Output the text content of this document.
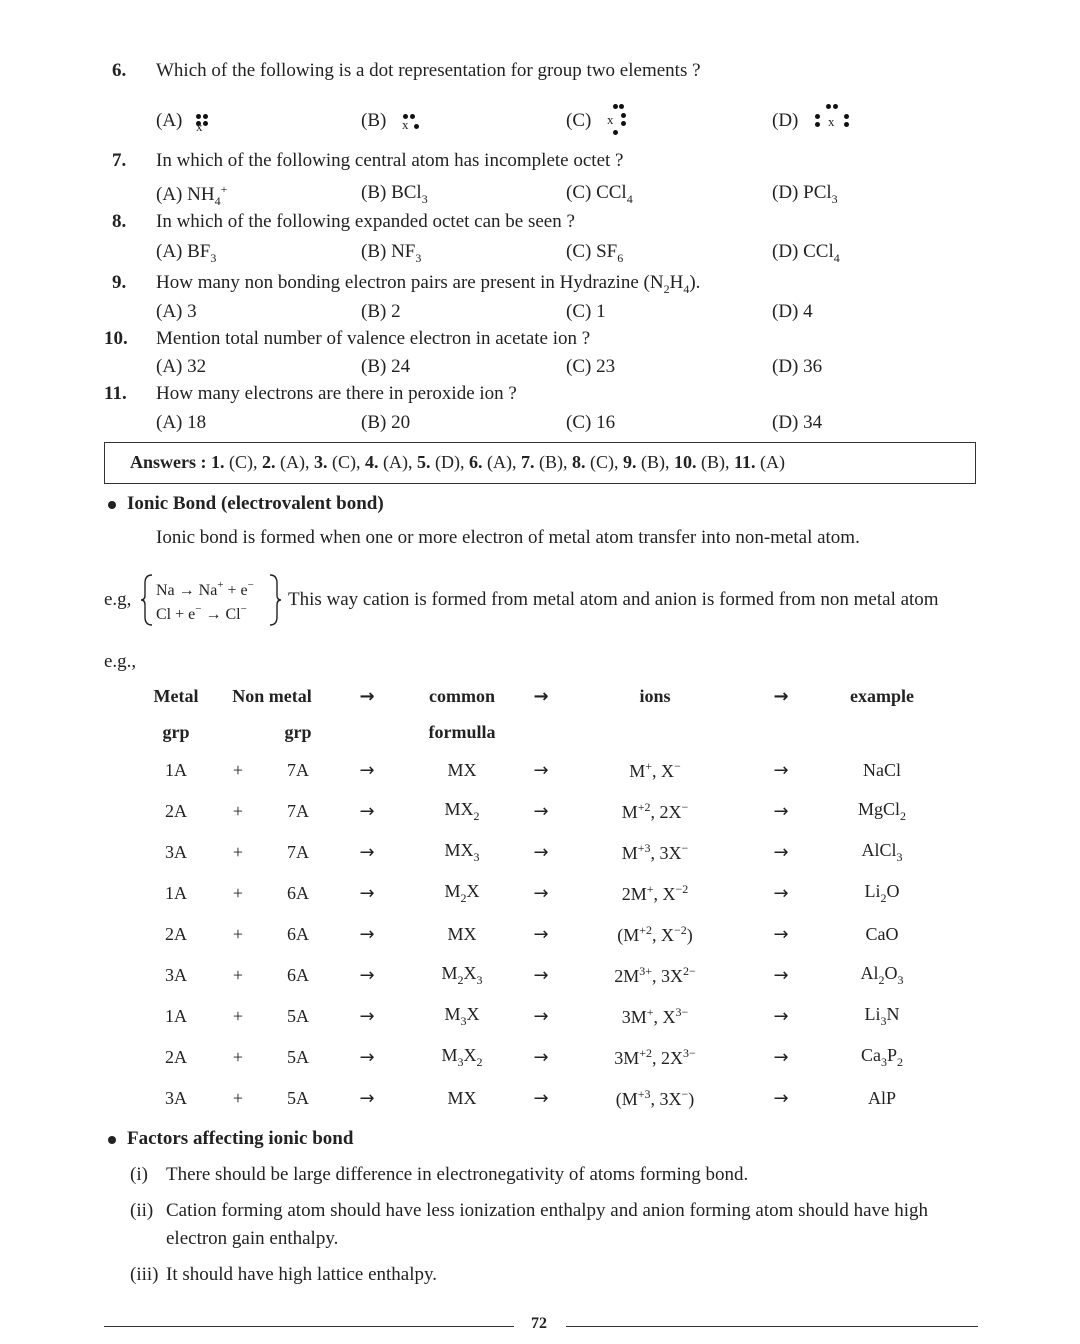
6. Which of the following is a dot representation for group two elements ?
(A) x	(B) x	(C) x	(D) x
7. In which of the following central atom has incomplete octet ?
(A) $NH_4^+$	(B) BCl$_3$	(C) CCl$_4$	(D) PCl$_3$
8. In which of the following expanded octet can be seen ?
(A) $BF_3$	(B) $NF_3$	(C) $SF_6$	(D) CCl$_4$
9. How many non bonding electron pairs are present in Hydrazine $(N_2H_4)$.
(A) 3	(B) 2	(C) 1	(D) 4
10. Mention total number of valence electron in acetate ion ?
(A) 32	(B) 24	(C) 23	(D) 36
11. How many electrons are there in peroxide ion ?
(A) 18	(B) 20	(C) 16	(D) 34
Answers : 1. (C), 2. (A), 3. (C), 4. (A), 5. (D), 6. (A), 7. (B), 8. (C), 9. (B), 10. (B), 11. (A)
Ionic Bond (electrovalent bond)
Ionic bond is formed when one or more electron of metal atom transfer into non-metal atom.
e.g, Na → Na+ + e−
Cl + e− → Cl− This way cation is formed from metal atom and anion is formed from non metal atom
e.g.,
Metal	Non metal		→	common	→	ions	→	example
grp		grp		formulla				
1A	+	7A	→	MX	→	M+, X−	→	NaCl
2A	+	7A	→	$MX_2$	→	$M^{+2}$, 2X−	→	MgCl$_2$
3A	+	7A	→	$MX_3$	→	$M^{+3}$, 3X−	→	AlCl$_3$
1A	+	6A	→	$M_2X$	→	2M+, $X^{-2}$	→	$Li_2O$
2A	+	6A	→	MX	→	($M^{+2}$, $X^{-2}$)	→	CaO
3A	+	6A	→	$M_2X_3$	→	$2M^{3+}$, $3X^{2-}$	→	$Al_2O_3$
1A	+	5A	→	$M_3X$	→	3M+, $X^{3-}$	→	$Li_3N$
2A	+	5A	→	$M_3X_2$	→	$3M^{+2}$, $2X^{3-}$	→	$Ca_3P_2$
3A	+	5A	→	MX	→	($M^{+3}$, 3X−)	→	AlP
Factors affecting ionic bond
(i) There should be large difference in electronegativity of atoms forming bond.
(ii) Cation forming atom should have less ionization enthalpy and anion forming atom should have high
electron gain enthalpy.
(iii) It should have high lattice enthalpy.
72
